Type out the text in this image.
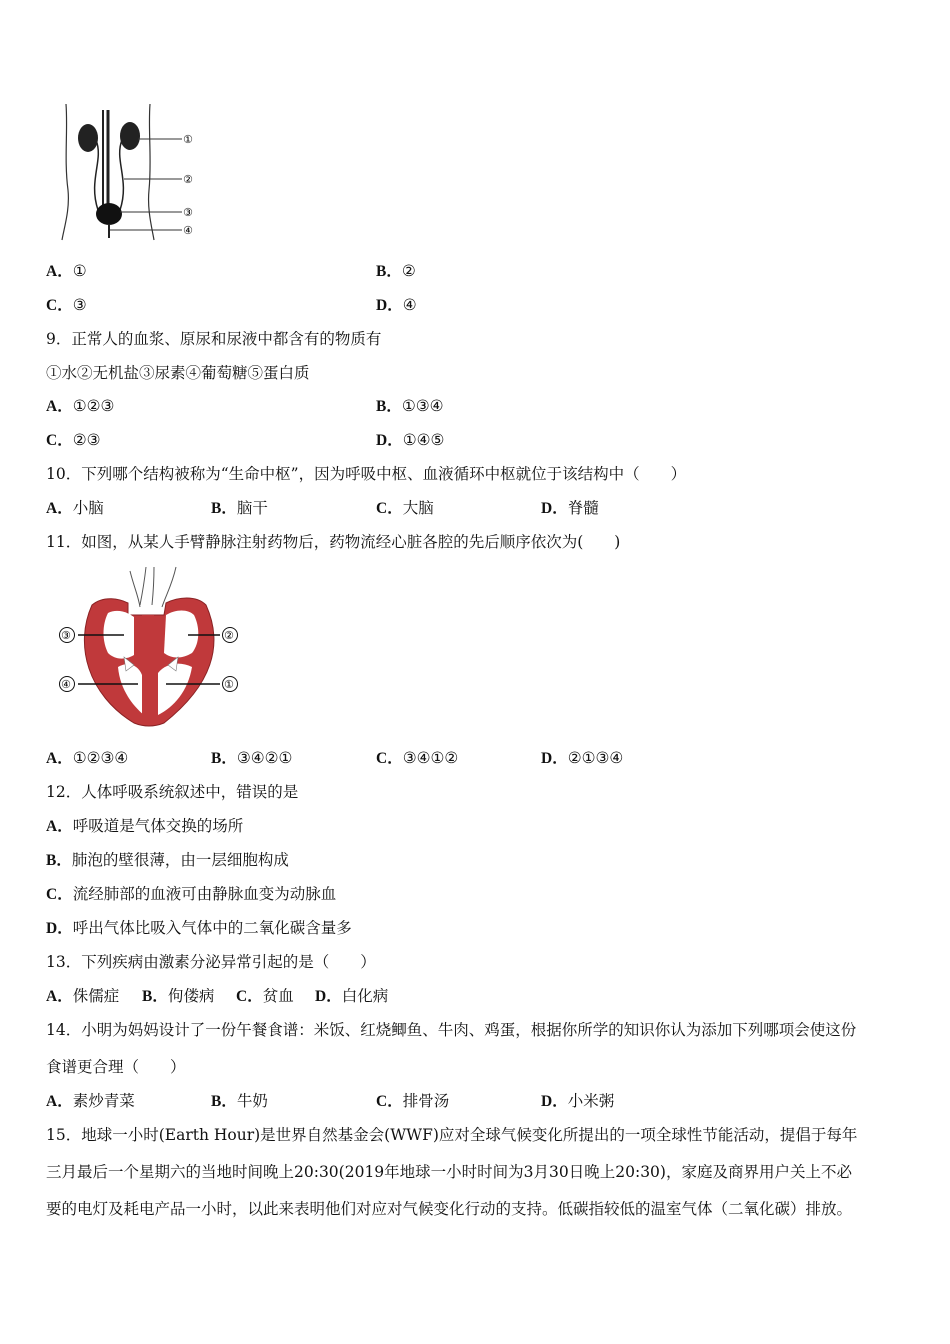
①
②
③
④
A．①	B．②
C．③	D．④
9．正常人的血浆、原尿和尿液中都含有的物质有
①水②无机盐③尿素④葡萄糖⑤蛋白质
A．①②③	B．①③④
C．②③	D．①④⑤
10．下列哪个结构被称为“生命中枢”，因为呼吸中枢、血液循环中枢就位于该结构中（　　）
A．小脑	B．脑干	C．大脑	D．脊髓
11．如图，从某人手臂静脉注射药物后，药物流经心脏各腔的先后顺序依次为(　　)
③	②
④	①
A．①②③④	B．③④②①	C．③④①②	D．②①③④
12．人体呼吸系统叙述中，错误的是
A．呼吸道是气体交换的场所
B．肺泡的壁很薄，由一层细胞构成
C．流经肺部的血液可由静脉血变为动脉血
D．呼出气体比吸入气体中的二氧化碳含量多
13．下列疾病由激素分泌异常引起的是（　　）
A．侏儒症 B．佝偻病 C．贫血 D．白化病
14．小明为妈妈设计了一份午餐食谱：米饭、红烧鲫鱼、牛肉、鸡蛋，根据你所学的知识你认为添加下列哪项会使这份
食谱更合理（　　）
A．素炒青菜	B．牛奶	C．排骨汤	D．小米粥
15．地球一小时(Earth Hour)是世界自然基金会(WWF)应对全球气候变化所提出的一项全球性节能活动，提倡于每年
三月最后一个星期六的当地时间晚上20:30(2019年地球一小时时间为3月30日晚上20:30)，家庭及商界用户关上不必
要的电灯及耗电产品一小时，以此来表明他们对应对气候变化行动的支持。低碳指较低的温室气体（二氧化碳）排放。
